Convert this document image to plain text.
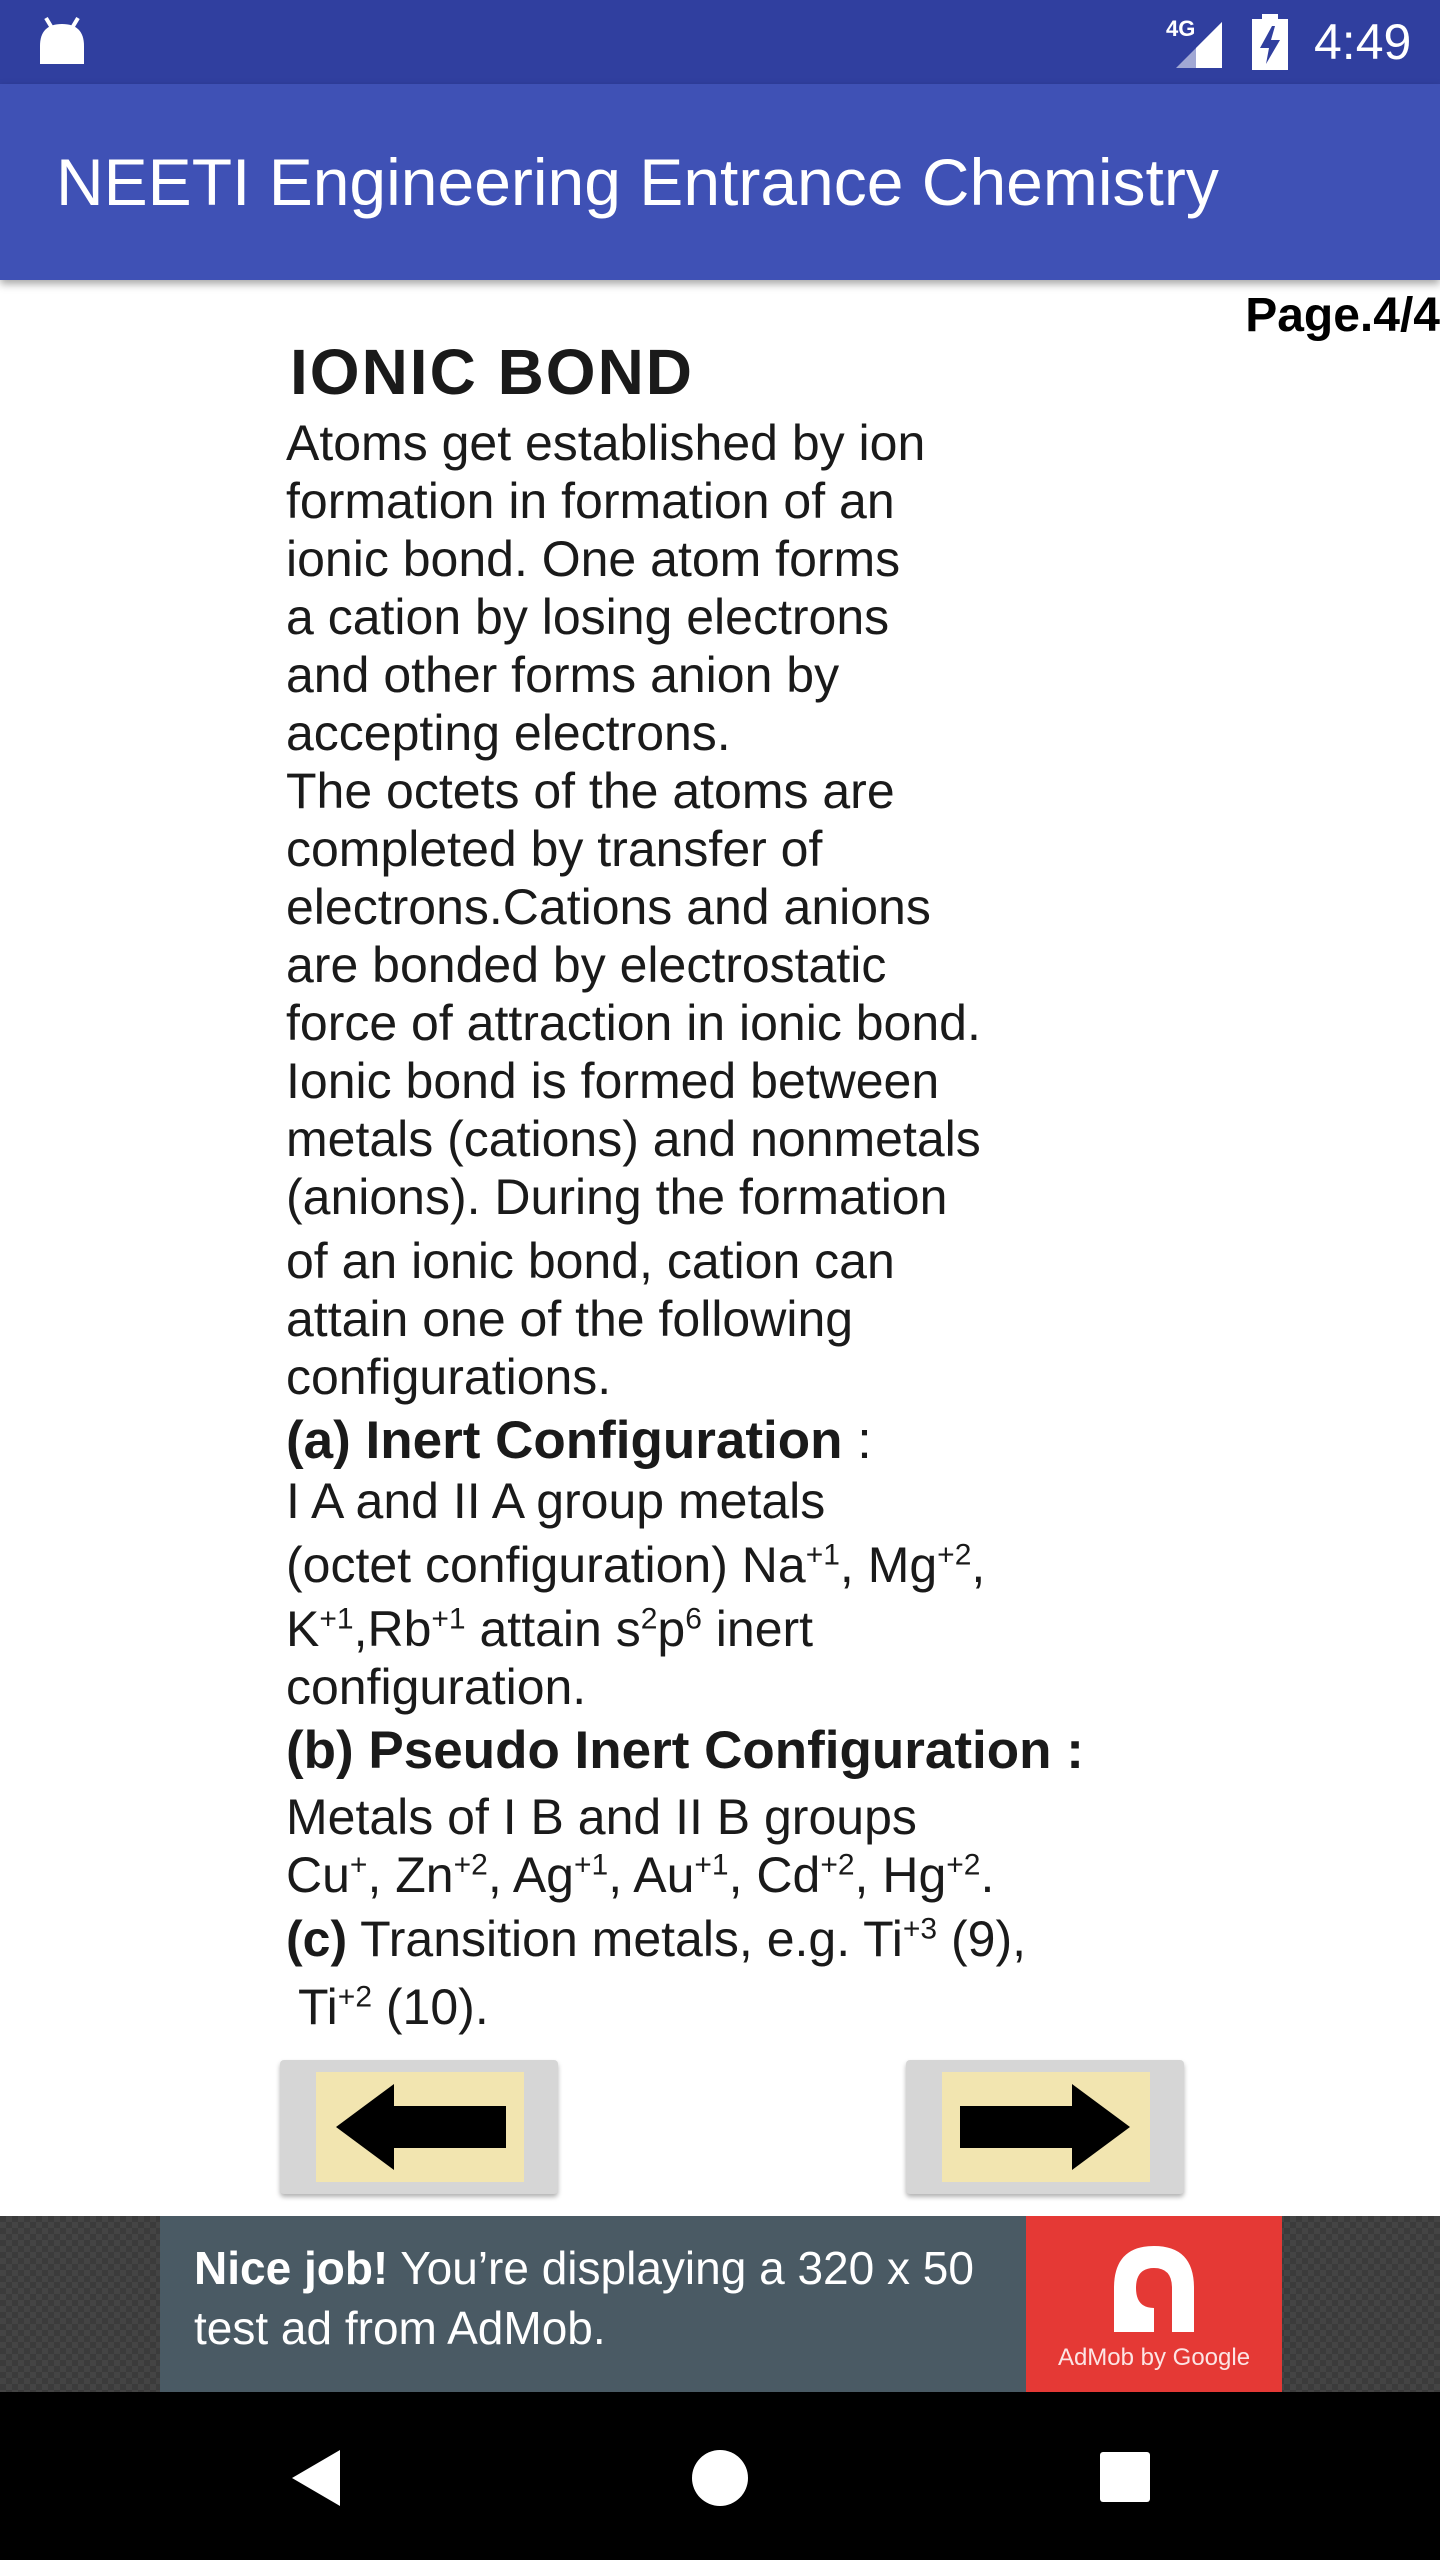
4G 4:49
NEETI Engineering Entrance Chemistry
Page.4/4
IONIC BOND

Atoms get established by ion

formation in formation of an

ionic bond. One atom forms

a cation by losing electrons

and other forms anion by

accepting electrons.

The octets of the atoms are

completed by transfer of

electrons.Cations and anions

are bonded by electrostatic

force of attraction in ionic bond.

Ionic bond is formed between

metals (cations) and nonmetals

(anions). During the formation

of an ionic bond, cation can

attain one of the following

configurations.

(a) Inert Configuration :

I A and II A group metals

(octet configuration) $Na^{+1}$, $Mg^{+2}$,

$K^{+1},Rb^{+1}$ attain $s^2p^6$ inert

configuration.

(b) Pseudo Inert Configuration :

Metals of I B and II B groups

Cu+, $Zn^{+2}$, $Ag^{+1}$, $Au^{+1}$, $Cd^{+2}$, $Hg^{+2}$.

(c) Transition metals, e.g. $Ti^{+3}$ (9),

$Ti^{+2}$ (10).

Nice job! You’re displaying a 320 x 50 test ad from AdMob.
AdMob by Google
